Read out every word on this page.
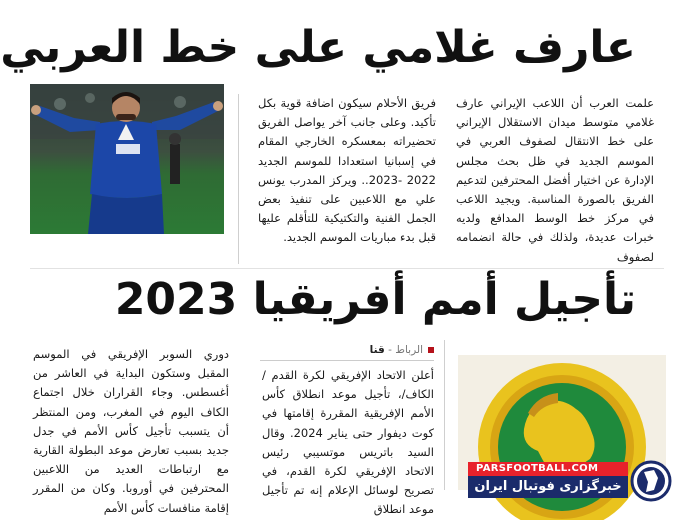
عارف غلامي على خط العربي

علمت العرب أن اللاعب الإيراني عارف غلامي متوسط ميدان الاستقلال الإيراني على خط الانتقال لصفوف العربي في الموسم الجديد في ظل بحث مجلس الإدارة عن اختيار أفضل المحترفين لتدعيم الفريق بالصورة المناسبة. ويجيد اللاعب في مركز خط الوسط المدافع ولديه خبرات عديدة، ولذلك في حالة انضمامه لصفوف

فريق الأحلام سيكون اضافة قوية بكل تأكيد. وعلى جانب آخر يواصل الفريق تحضيراته بمعسكره الخارجي المقام في إسبانيا استعدادا للموسم الجديد 2022 -2023.. ويركز المدرب يونس علي مع اللاعبين على تنفيذ بعض الجمل الفنية والتكتيكية للتأقلم عليها قبل بدء مباريات الموسم الجديد.

تأجيل أمم أفريقيا 2023
الرباط - قنا

أعلن الاتحاد الإفريقي لكرة القدم /الكاف/، تأجيل موعد انطلاق كأس الأمم الإفريقية المقررة إقامتها في كوت ديفوار حتى يناير 2024. وقال السيد باتريس موتسيبي رئيس الاتحاد الإفريقي لكرة القدم، في تصريح لوسائل الإعلام إنه تم تأجيل موعد انطلاق

دوري السوبر الإفريقي في الموسم المقبل وستكون البداية في العاشر من أغسطس. وجاء القراران خلال اجتماع الكاف اليوم في المغرب، ومن المنتظر أن يتسبب تأجيل كأس الأمم في جدل جديد بسبب تعارض موعد البطولة القارية مع ارتباطات العديد من اللاعبين المحترفين في أوروبا. وكان من المقرر إقامة منافسات كأس الأمم

PARSFOOTBALL.COM
خبرگزاری فوتبال ایران
